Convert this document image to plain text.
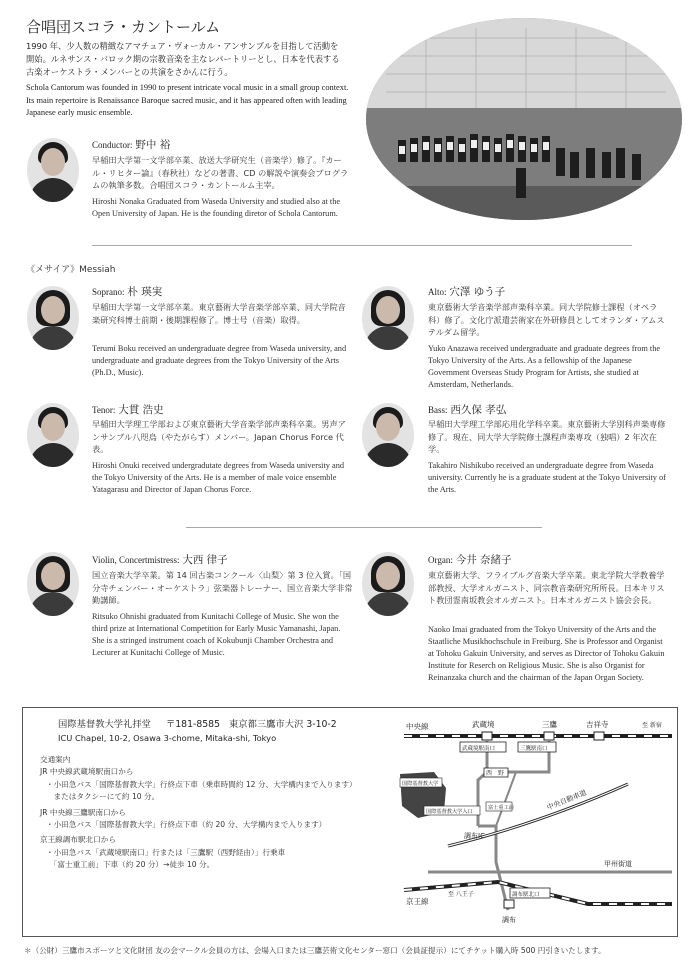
合唱団スコラ・カントールム
1990 年、少人数の精緻なアマチュア・ヴォーカル・アンサンブルを目指して活動を開始。ルネサンス・バロック期の宗教音楽を主なレパートリーとし、日本を代表する古楽オーケストラ・メンバーとの共演をさかんに行う。
Schola Cantorum was founded in 1990 to present intricate vocal music in a small group context. Its main repertoire is Renaissance Baroque sacred music, and it has appeared often with leading Japanese early music ensemble.
Conductor: 野中 裕
早稲田大学第一文学部卒業、放送大学研究生（音楽学）修了。『カール・リヒター論』（春秋社）などの著書、CD の解説や演奏会プログラムの執筆多数。合唱団スコラ・カントールム主宰。
Hiroshi Nonaka Graduated from Waseda University and studied also at the Open University of Japan. He is the founding diretor of Schola Cantorum.
《メサイア》Messiah
Soprano: 朴 瑛実
早稲田大学第一文学部卒業。東京藝術大学音楽学部卒業、同大学院音楽研究科博士前期・後期課程修了。博士号（音楽）取得。
Terumi Boku received an undergraduate degree from Waseda university, and undergraduate and graduate degrees from the Tokyo University of the Arts (Ph.D., Music).
Alto: 穴澤 ゆう子
東京藝術大学音楽学部声楽科卒業。同大学院修士課程（オペラ科）修了。文化庁派遣芸術家在外研修員としてオランダ・アムステルダム留学。
Yuko Anazawa received undergraduate and graduate degrees from the Tokyo University of the Arts. As a fellowship of the Japanese Government Overseas Study Program for Artists, she studied at Amsterdam, Netherlands.
Tenor: 大貫 浩史
早稲田大学理工学部および東京藝術大学音楽学部声楽科卒業。男声アンサンブル八咫烏（やたがらす）メンバー。Japan Chorus Force 代表。
Hiroshi Onuki received undergradutate degrees from Waseda university and the Tokyo University of the Arts. He is a member of male voice ensemble Yatagarasu and Director of Japan Chorus Force.
Bass: 西久保 孝弘
早稲田大学理工学部応用化学科卒業。東京藝術大学別科声楽専修修了。現在、同大学大学院修士課程声楽専攻（独唱）2 年次在学。
Takahiro Nishikubo received an undergraduate degree from Waseda university. Currently he is a graduate student at the Tokyo University of the Arts.
Violin, Concertmistress: 大西 律子
国立音楽大学卒業。第 14 回古楽コンクール〈山梨〉第 3 位入賞。「国分寺チェンバー・オーケストラ」弦楽器トレーナー、国立音楽大学非常勤講師。
Ritsuko Ohnishi graduated from Kunitachi College of Music. She won the third prize at International Competition for Early Music Yamanashi, Japan. She is a stringed instrument coach of Kokubunji Chamber Orchestra and Lecturer at Kunitachi College of Music.
Organ: 今井 奈緒子
東京藝術大学、フライブルグ音楽大学卒業。東北学院大学教養学部教授、大学オルガニスト、同宗教音楽研究所所長。日本キリスト教団霊南坂教会オルガニスト。日本オルガニスト協会会長。
Naoko Imai graduated from the Tokyo University of the Arts and the Staatliche Musikhochschule in Freiburg. She is Professor and Organist at Tohoku Gakuin University, and serves as Director of Tohoku Gakuin Institute for Reserch on Religious Music. She is also Organist for Reinanzaka church and the chairman of the Japan Organ Society.
国際基督教大学礼拝堂 〒181-8585 東京都三鷹市大沢 3-10-2
ICU Chapel, 10-2, Osawa 3-chome, Mitaka-shi, Tokyo
交通案内
JR 中央線武蔵境駅南口から
・小田急バス「国際基督教大学」行終点下車（乗車時間約 12 分、大学構内まで入ります）
　またはタクシーにて約 10 分。
JR 中央線三鷹駅南口から
・小田急バス「国際基督教大学」行終点下車（約 20 分、大学構内まで入ります）
京王線調布駅北口から
・小田急バス「武蔵境駅南口」行または「三鷹駅（西野経由）」行乗車
　「富士重工前」下車（約 20 分）→徒歩 10 分。
中央線	武蔵境	三鷹	吉祥寺	至 新宿
武蔵境駅南口	三鷹駅南口
西　野
国際基督教大学
国際基督教大学入口
富士重工前	中央自動車道
調布IC
甲州街道
京王線
至 八王子	調布駅北口
調布
＊（公財）三鷹市スポーツと文化財団 友の会マークル会員の方は、会場入口または三鷹芸術文化センター窓口（会員証提示）にてチケット購入時 500 円引きいたします。
